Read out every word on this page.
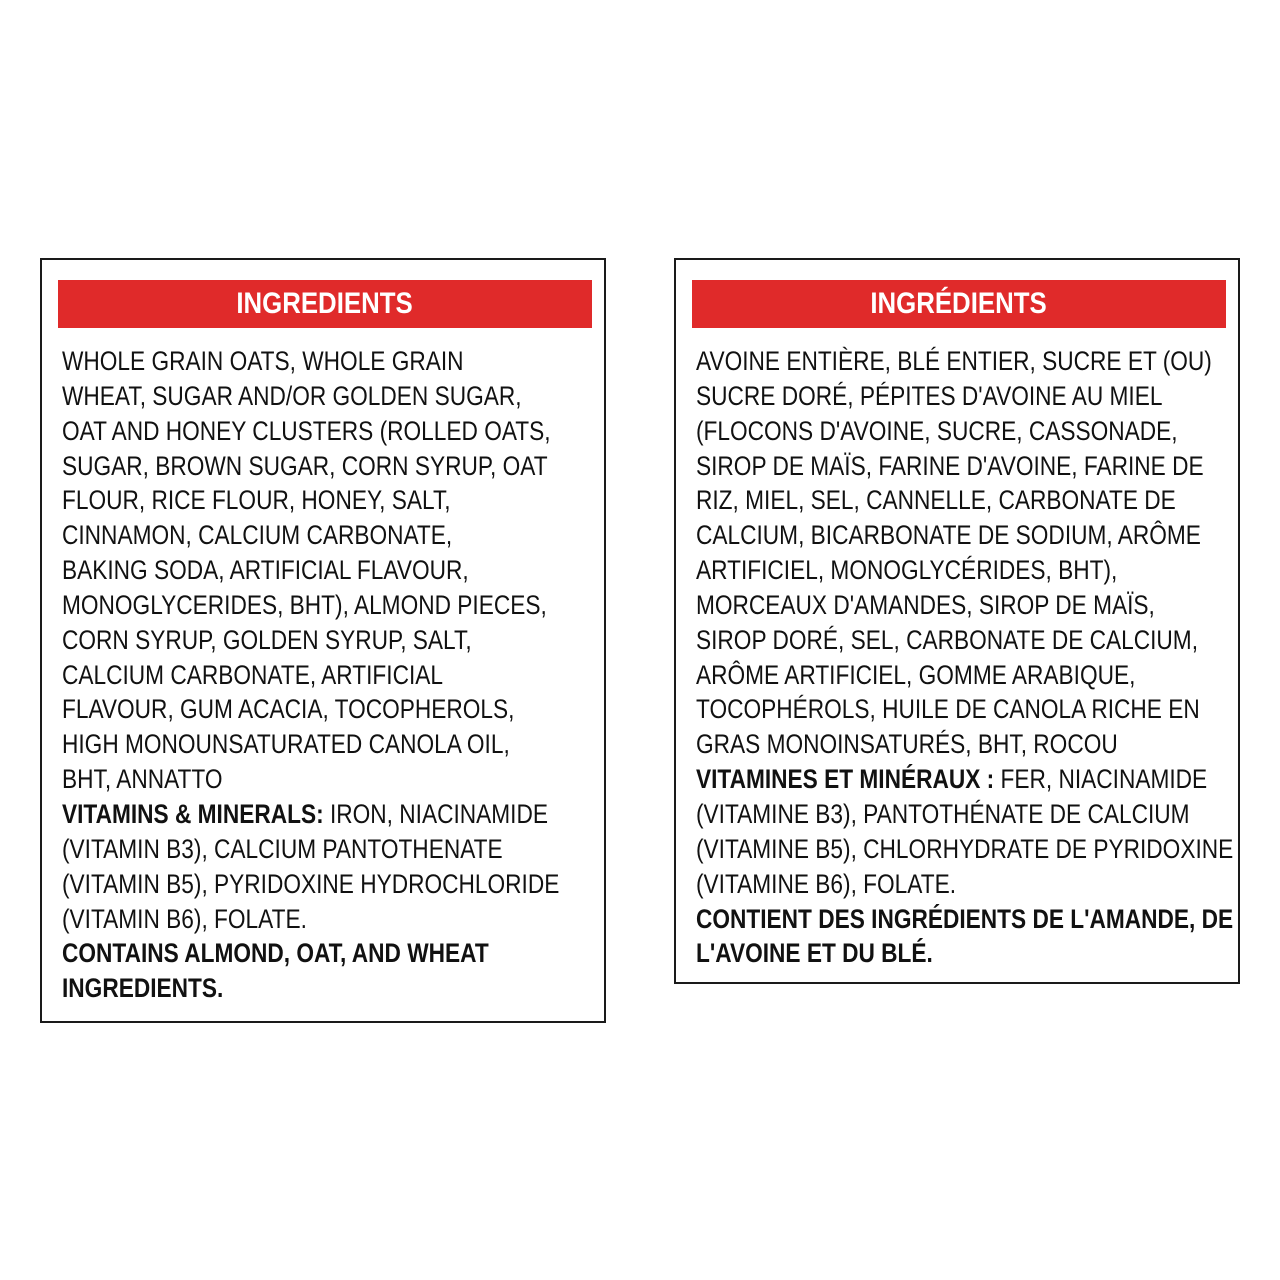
INGREDIENTS
WHOLE GRAIN OATS, WHOLE GRAIN
WHEAT, SUGAR AND/OR GOLDEN SUGAR,
OAT AND HONEY CLUSTERS (ROLLED OATS,
SUGAR, BROWN SUGAR, CORN SYRUP, OAT
FLOUR, RICE FLOUR, HONEY, SALT,
CINNAMON, CALCIUM CARBONATE,
BAKING SODA, ARTIFICIAL FLAVOUR,
MONOGLYCERIDES, BHT), ALMOND PIECES,
CORN SYRUP, GOLDEN SYRUP, SALT,
CALCIUM CARBONATE, ARTIFICIAL
FLAVOUR, GUM ACACIA, TOCOPHEROLS,
HIGH MONOUNSATURATED CANOLA OIL,
BHT, ANNATTO
VITAMINS & MINERALS: IRON, NIACINAMIDE
(VITAMIN B3), CALCIUM PANTOTHENATE
(VITAMIN B5), PYRIDOXINE HYDROCHLORIDE
(VITAMIN B6), FOLATE.
CONTAINS ALMOND, OAT, AND WHEAT
INGREDIENTS.
INGRÉDIENTS
AVOINE ENTIÈRE, BLÉ ENTIER, SUCRE ET (OU)
SUCRE DORÉ, PÉPITES D'AVOINE AU MIEL
(FLOCONS D'AVOINE, SUCRE, CASSONADE,
SIROP DE MAÏS, FARINE D'AVOINE, FARINE DE
RIZ, MIEL, SEL, CANNELLE, CARBONATE DE
CALCIUM, BICARBONATE DE SODIUM, ARÔME
ARTIFICIEL, MONOGLYCÉRIDES, BHT),
MORCEAUX D'AMANDES, SIROP DE MAÏS,
SIROP DORÉ, SEL, CARBONATE DE CALCIUM,
ARÔME ARTIFICIEL, GOMME ARABIQUE,
TOCOPHÉROLS, HUILE DE CANOLA RICHE EN
GRAS MONOINSATURÉS, BHT, ROCOU
VITAMINES ET MINÉRAUX : FER, NIACINAMIDE
(VITAMINE B3), PANTOTHÉNATE DE CALCIUM
(VITAMINE B5), CHLORHYDRATE DE PYRIDOXINE
(VITAMINE B6), FOLATE.
CONTIENT DES INGRÉDIENTS DE L'AMANDE, DE
L'AVOINE ET DU BLÉ.
